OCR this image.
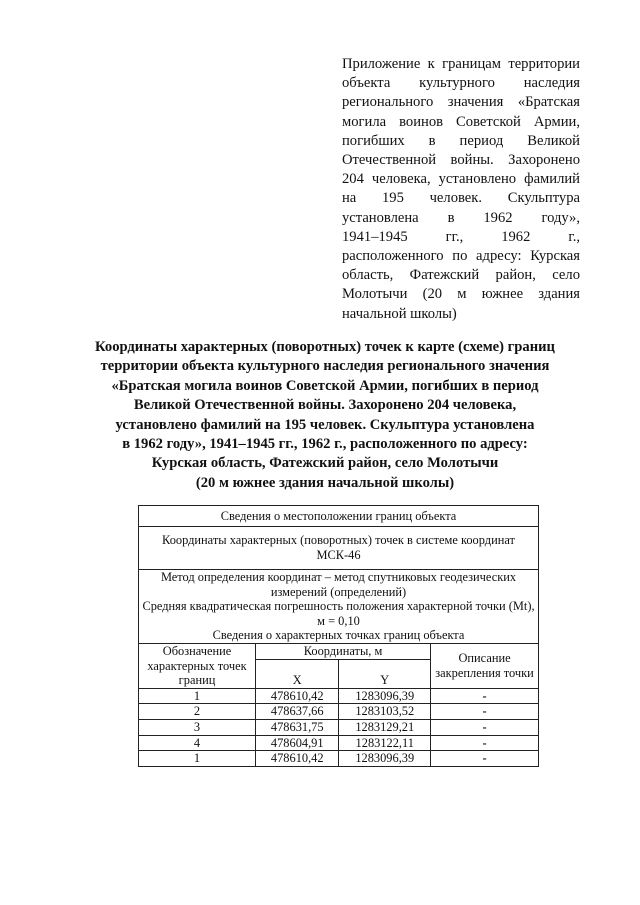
Приложение к границам территории
объекта культурного наследия
регионального значения «Братская
могила воинов Советской Армии,
погибших в период Великой
Отечественной войны. Захоронено
204 человека, установлено фамилий
на 195 человек. Скульптура
установлена в 1962 году»,
1941–1945 гг., 1962 г.,
расположенного по адресу: Курская
область, Фатежский район, село
Молотычи (20 м южнее здания
начальной школы)
Координаты характерных (поворотных) точек к карте (схеме) границ
территории объекта культурного наследия регионального значения
«Братская могила воинов Советской Армии, погибших в период
Великой Отечественной войны. Захоронено 204 человека,
установлено фамилий на 195 человек. Скульптура установлена
в 1962 году», 1941–1945 гг., 1962 г., расположенного по адресу:
Курская область, Фатежский район, село Молотычи
(20 м южнее здания начальной школы)
Сведения о местоположении границ объекта			
Координаты характерных (поворотных) точек в системе координат МСК-46			

Метод определения координат – метод спутниковых геодезических измерений (определений)
Средняя квадратическая погрешность положения характерной точки (Mt), м = 0,10
Сведения о характерных точках границ объекта			

Обозначение характерных точек границ	Координаты, м		Описание закрепления точки
	X	Y	
1	478610,42	1283096,39	-
2	478637,66	1283103,52	-
3	478631,75	1283129,21	-
4	478604,91	1283122,11	-
1	478610,42	1283096,39	-
